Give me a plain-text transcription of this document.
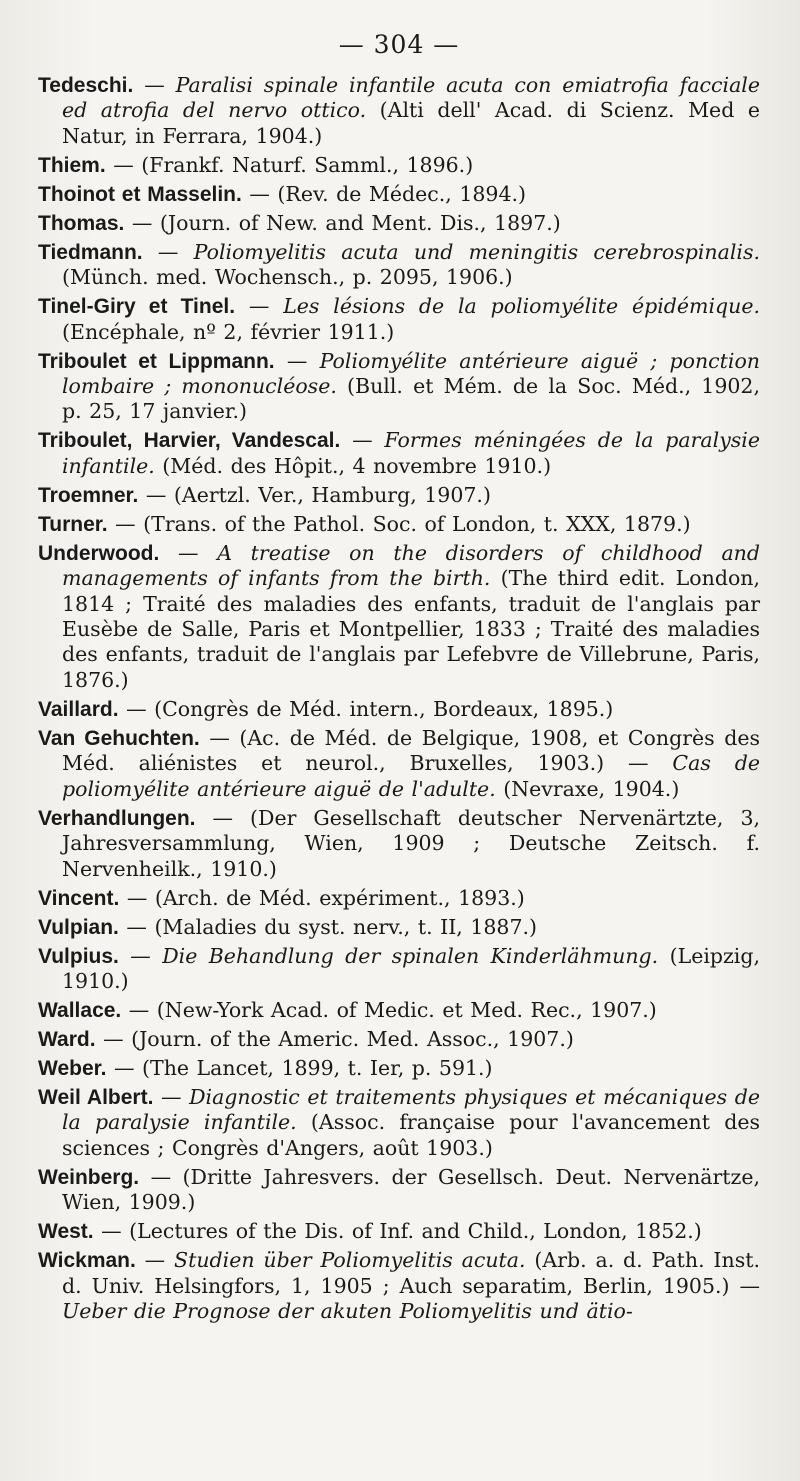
— 304 —

Tedeschi. — Paralisi spinale infantile acuta con emiatrofia facciale ed atrofia del nervo ottico. (Alti dell' Acad. di Scienz. Med e Natur, in Ferrara, 1904.)

Thiem. — (Frankf. Naturf. Samml., 1896.)

Thoinot et Masselin. — (Rev. de Médec., 1894.)

Thomas. — (Journ. of New. and Ment. Dis., 1897.)

Tiedmann. — Poliomyelitis acuta und meningitis cerebrospinalis. (Münch. med. Wochensch., p. 2095, 1906.)

Tinel-Giry et Tinel. — Les lésions de la poliomyélite épidémique. (Encéphale, nº 2, février 1911.)

Triboulet et Lippmann. — Poliomyélite antérieure aiguë ; ponction lombaire ; mononucléose. (Bull. et Mém. de la Soc. Méd., 1902, p. 25, 17 janvier.)

Triboulet, Harvier, Vandescal. — Formes méningées de la paralysie infantile. (Méd. des Hôpit., 4 novembre 1910.)

Troemner. — (Aertzl. Ver., Hamburg, 1907.)

Turner. — (Trans. of the Pathol. Soc. of London, t. XXX, 1879.)

Underwood. — A treatise on the disorders of childhood and managements of infants from the birth. (The third edit. London, 1814 ; Traité des maladies des enfants, traduit de l'anglais par Eusèbe de Salle, Paris et Montpellier, 1833 ; Traité des maladies des enfants, traduit de l'anglais par Lefebvre de Villebrune, Paris, 1876.)

Vaillard. — (Congrès de Méd. intern., Bordeaux, 1895.)

Van Gehuchten. — (Ac. de Méd. de Belgique, 1908, et Congrès des Méd. aliénistes et neurol., Bruxelles, 1903.) — Cas de poliomyélite antérieure aiguë de l'adulte. (Nevraxe, 1904.)

Verhandlungen. — (Der Gesellschaft deutscher Nervenärtzte, 3, Jahresversammlung, Wien, 1909 ; Deutsche Zeitsch. f. Nervenheilk., 1910.)

Vincent. — (Arch. de Méd. expériment., 1893.)

Vulpian. — (Maladies du syst. nerv., t. II, 1887.)

Vulpius. — Die Behandlung der spinalen Kinderlähmung. (Leipzig, 1910.)

Wallace. — (New-York Acad. of Medic. et Med. Rec., 1907.)

Ward. — (Journ. of the Americ. Med. Assoc., 1907.)

Weber. — (The Lancet, 1899, t. Ier, p. 591.)

Weil Albert. — Diagnostic et traitements physiques et mécaniques de la paralysie infantile. (Assoc. française pour l'avancement des sciences ; Congrès d'Angers, août 1903.)

Weinberg. — (Dritte Jahresvers. der Gesellsch. Deut. Nervenärtze, Wien, 1909.)

West. — (Lectures of the Dis. of Inf. and Child., London, 1852.)

Wickman. — Studien über Poliomyelitis acuta. (Arb. a. d. Path. Inst. d. Univ. Helsingfors, 1, 1905 ; Auch separatim, Berlin, 1905.) — Ueber die Prognose der akuten Poliomyelitis und ätio-
